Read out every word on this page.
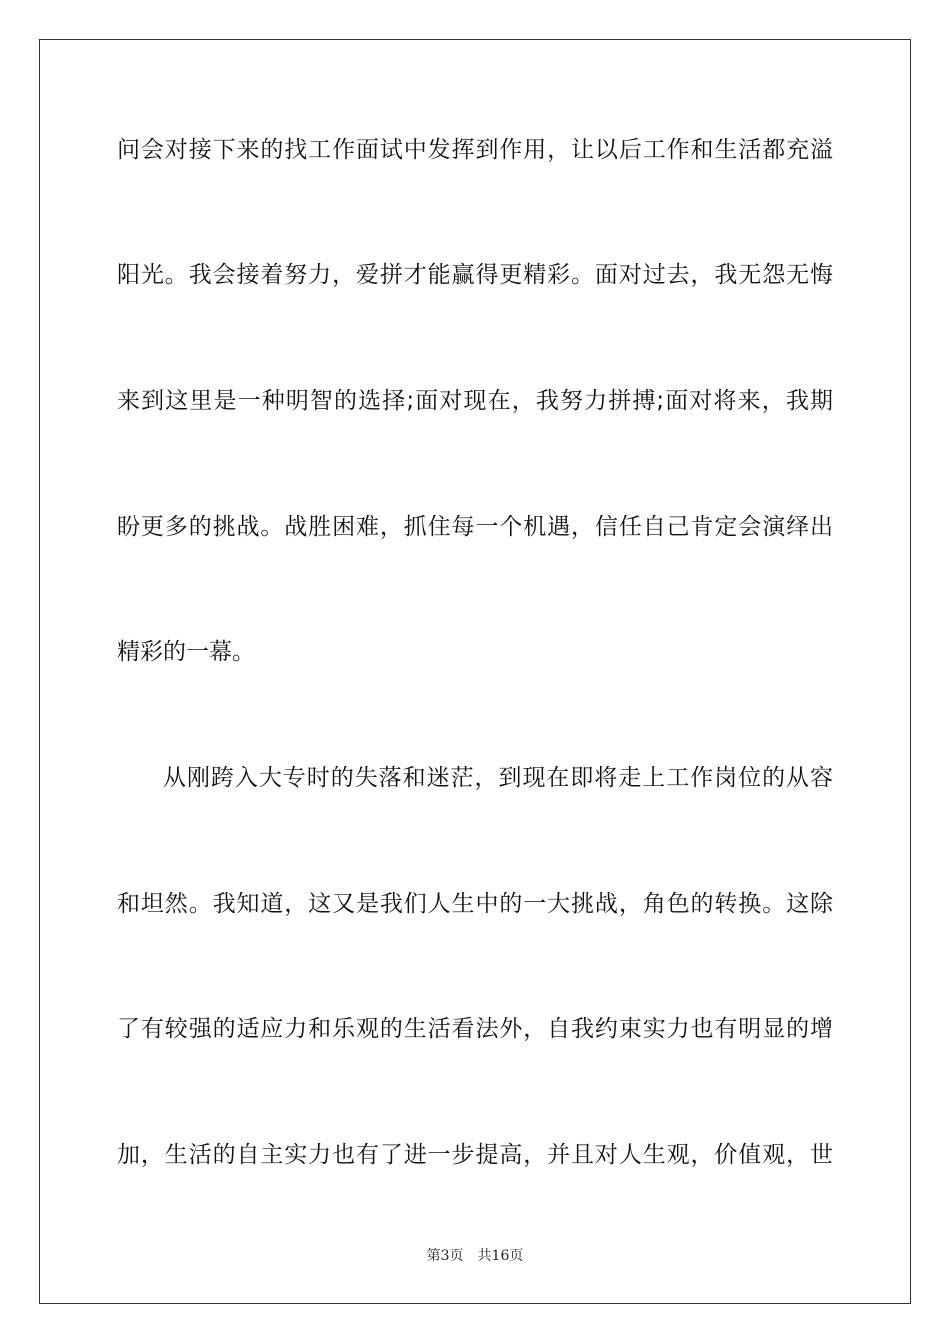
问会对接下来的找工作面试中发挥到作用，让以后工作和生活都充溢
阳光。我会接着努力，爱拼才能赢得更精彩。面对过去，我无怨无悔
来到这里是一种明智的选择;面对现在，我努力拼搏;面对将来，我期
盼更多的挑战。战胜困难，抓住每一个机遇，信任自己肯定会演绎出
精彩的一幕。
从刚跨入大专时的失落和迷茫，到现在即将走上工作岗位的从容
和坦然。我知道，这又是我们人生中的一大挑战，角色的转换。这除
了有较强的适应力和乐观的生活看法外，自我约束实力也有明显的增
加，生活的自主实力也有了进一步提高，并且对人生观，价值观，世
第3页 共16页
